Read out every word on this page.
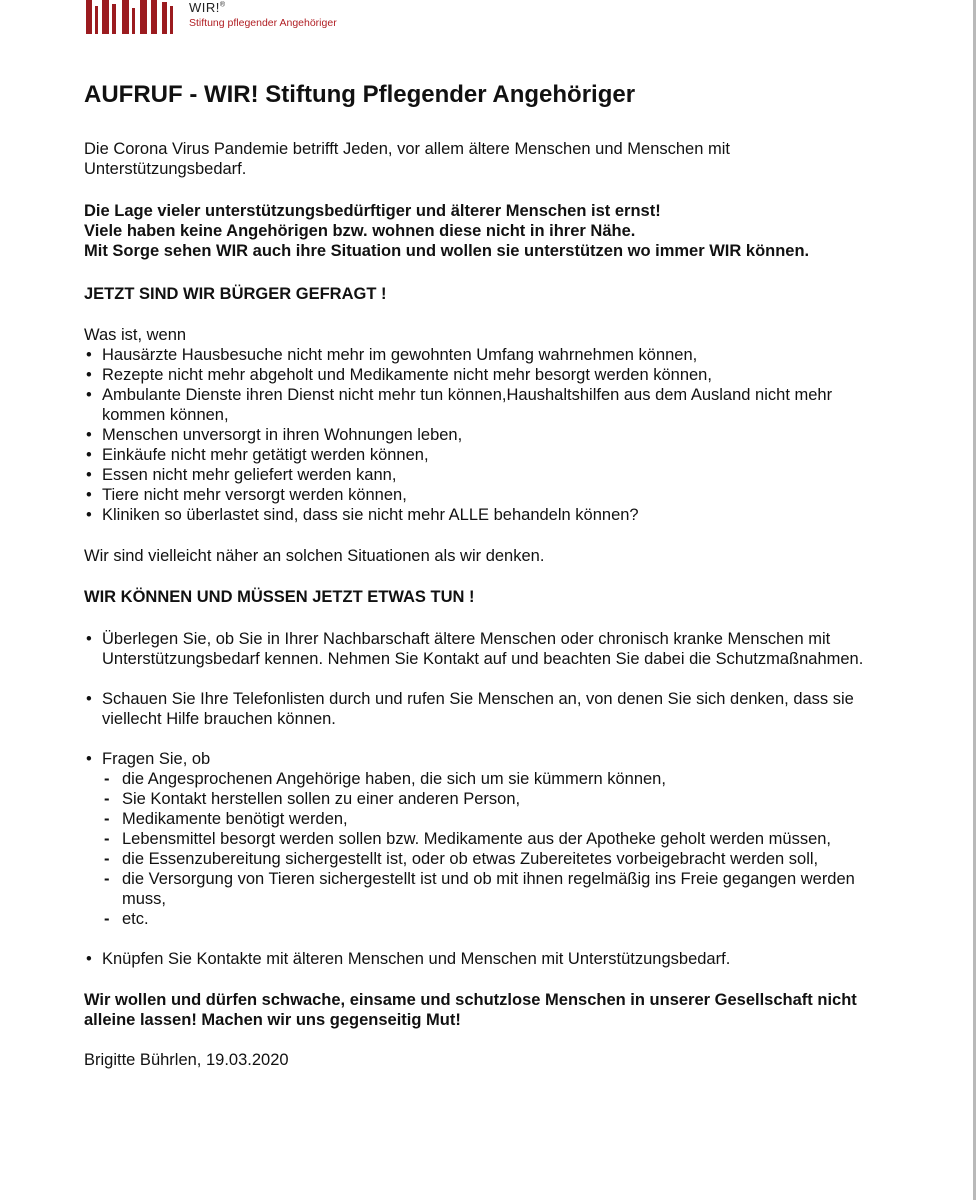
WIR!®
Stiftung pflegender Angehöriger
AUFRUF - WIR! Stiftung Pflegender Angehöriger

Die Corona Virus Pandemie betrifft Jeden, vor allem ältere Menschen und Menschen mit Unterstützungsbedarf.

Die Lage vieler unterstützungsbedürftiger und älterer Menschen ist ernst!

Viele haben keine Angehörigen bzw. wohnen diese nicht in ihrer Nähe.

Mit Sorge sehen WIR auch ihre Situation und wollen sie unterstützen wo immer WIR können.

JETZT SIND WIR BÜRGER GEFRAGT !

Was ist, wenn

• Hausärzte Hausbesuche nicht mehr im gewohnten Umfang wahrnehmen können,
• Rezepte nicht mehr abgeholt und Medikamente nicht mehr besorgt werden können,
• Ambulante Dienste ihren Dienst nicht mehr tun können,Haushaltshilfen aus dem Ausland nicht mehr kommen können,
• Menschen unversorgt in ihren Wohnungen leben,
• Einkäufe nicht mehr getätigt werden können,
• Essen nicht mehr geliefert werden kann,
• Tiere nicht mehr versorgt werden können,
• Kliniken so überlastet sind, dass sie nicht mehr ALLE behandeln können?

Wir sind vielleicht näher an solchen Situationen als wir denken.

WIR KÖNNEN UND MÜSSEN JETZT ETWAS TUN !

• Überlegen Sie, ob Sie in Ihrer Nachbarschaft ältere Menschen oder chronisch kranke Menschen mit Unterstützungsbedarf kennen. Nehmen Sie Kontakt auf und beachten Sie dabei die Schutzmaßnahmen.
• Schauen Sie Ihre Telefonlisten durch und rufen Sie Menschen an, von denen Sie sich denken, dass sie viellecht Hilfe brauchen können.
• Fragen Sie, ob
- die Angesprochenen Angehörige haben, die sich um sie kümmern können,
- Sie Kontakt herstellen sollen zu einer anderen Person,
- Medikamente benötigt werden,
- Lebensmittel besorgt werden sollen bzw. Medikamente aus der Apotheke geholt werden müssen,
- die Essenzubereitung sichergestellt ist, oder ob etwas Zubereitetes vorbeigebracht werden soll,
- die Versorgung von Tieren sichergestellt ist und ob mit ihnen regelmäßig ins Freie gegangen werden muss,
- etc.
• Knüpfen Sie Kontakte mit älteren Menschen und Menschen mit Unterstützungsbedarf.

Wir wollen und dürfen schwache, einsame und schutzlose Menschen in unserer Gesellschaft nicht alleine lassen! Machen wir uns gegenseitig Mut!

Brigitte Bührlen, 19.03.2020
